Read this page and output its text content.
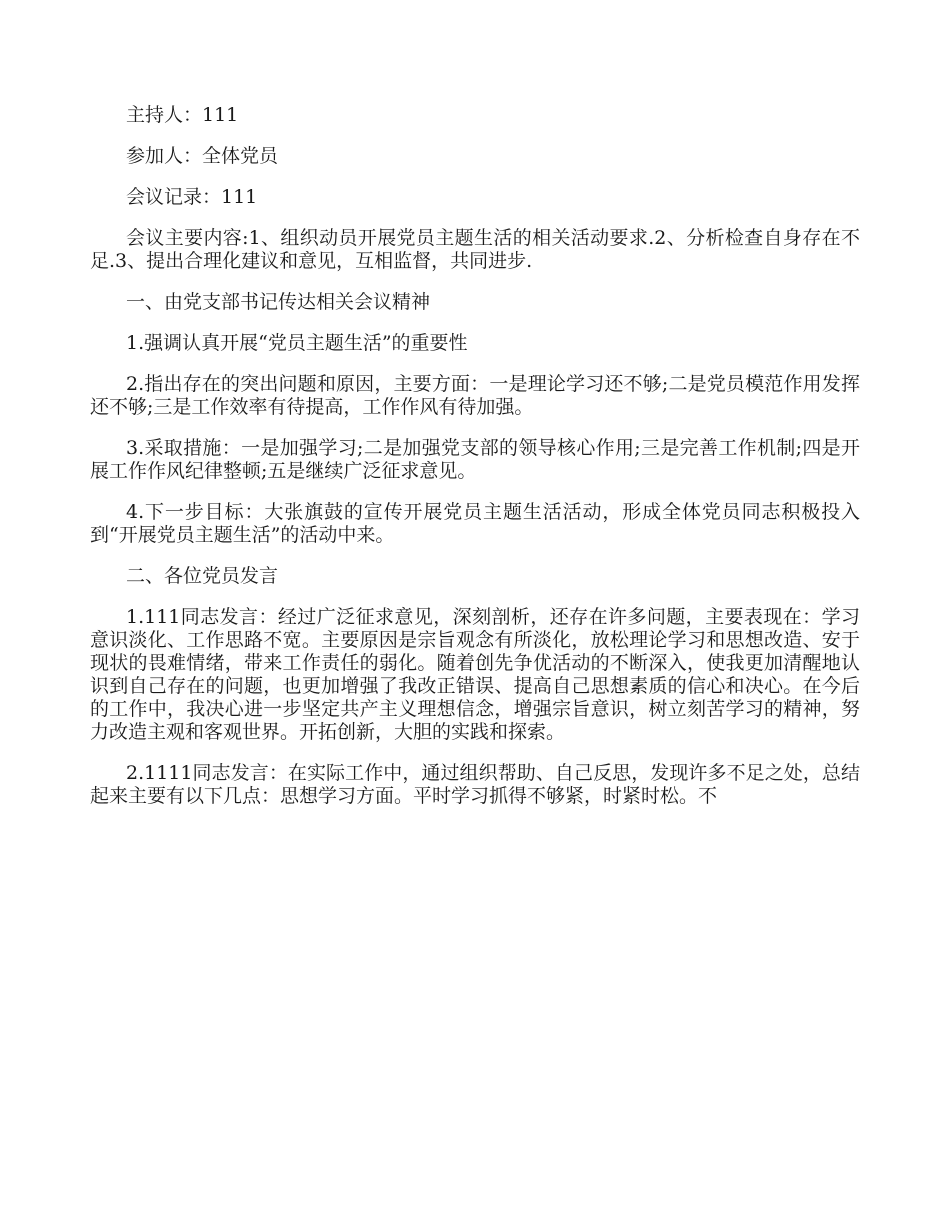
主持人：111

参加人：全体党员

会议记录：111

会议主要内容:1、组织动员开展党员主题生活的相关活动要求.2、分析检查自身存在不足.3、提出合理化建议和意见，互相监督，共同进步.

一、由党支部书记传达相关会议精神

1.强调认真开展“党员主题生活”的重要性

2.指出存在的突出问题和原因，主要方面：一是理论学习还不够;二是党员模范作用发挥还不够;三是工作效率有待提高，工作作风有待加强。

3.采取措施：一是加强学习;二是加强党支部的领导核心作用;三是完善工作机制;四是开展工作作风纪律整顿;五是继续广泛征求意见。

4.下一步目标：大张旗鼓的宣传开展党员主题生活活动，形成全体党员同志积极投入到“开展党员主题生活”的活动中来。

二、各位党员发言

1.111同志发言：经过广泛征求意见，深刻剖析，还存在许多问题，主要表现在：学习意识淡化、工作思路不宽。主要原因是宗旨观念有所淡化，放松理论学习和思想改造、安于现状的畏难情绪，带来工作责任的弱化。随着创先争优活动的不断深入，使我更加清醒地认识到自己存在的问题，也更加增强了我改正错误、提高自己思想素质的信心和决心。在今后的工作中，我决心进一步坚定共产主义理想信念，增强宗旨意识，树立刻苦学习的精神，努力改造主观和客观世界。开拓创新，大胆的实践和探索。

2.1111同志发言：在实际工作中，通过组织帮助、自己反思，发现许多不足之处，总结起来主要有以下几点：思想学习方面。平时学习抓得不够紧，时紧时松。不
